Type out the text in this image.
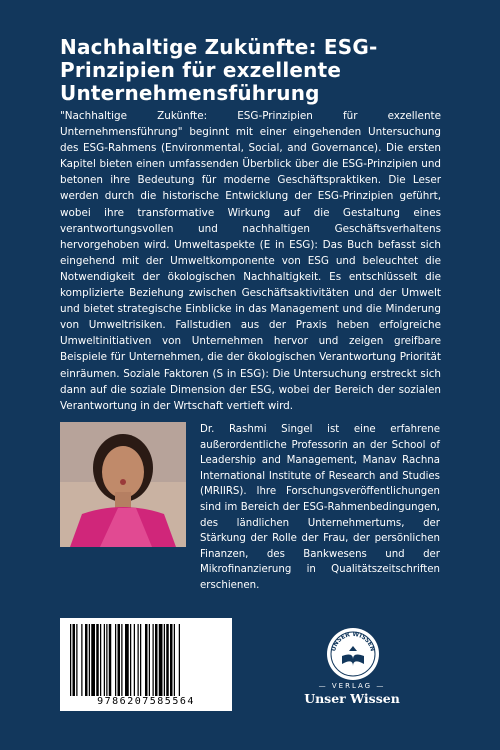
Nachhaltige Zukünfte: ESG-Prinzipien für exzellente Unternehmensführung

"Nachhaltige Zukünfte: ESG-Prinzipien für exzellente Unternehmensführung" beginnt mit einer eingehenden Untersuchung des ESG-Rahmens (Environmental, Social, and Governance). Die ersten Kapitel bieten einen umfassenden Überblick über die ESG-Prinzipien und betonen ihre Bedeutung für moderne Geschäftspraktiken. Die Leser werden durch die historische Entwicklung der ESG-Prinzipien geführt, wobei ihre transformative Wirkung auf die Gestaltung eines verantwortungsvollen und nachhaltigen Geschäftsverhaltens hervorgehoben wird. Umweltaspekte (E in ESG): Das Buch befasst sich eingehend mit der Umweltkomponente von ESG und beleuchtet die Notwendigkeit der ökologischen Nachhaltigkeit. Es entschlüsselt die komplizierte Beziehung zwischen Geschäftsaktivitäten und der Umwelt und bietet strategische Einblicke in das Management und die Minderung von Umweltrisiken. Fallstudien aus der Praxis heben erfolgreiche Umweltinitiativen von Unternehmen hervor und zeigen greifbare Beispiele für Unternehmen, die der ökologischen Verantwortung Priorität einräumen. Soziale Faktoren (S in ESG): Die Untersuchung erstreckt sich dann auf die soziale Dimension der ESG, wobei der Bereich der sozialen Verantwortung in der Wrtschaft vertieft wird.

Dr. Rashmi Singel ist eine erfahrene außerordentliche Professorin an der School of Leadership and Management, Manav Rachna International Institute of Research and Studies (MRIIRS). Ihre Forschungsveröffentlichungen sind im Bereich der ESG-Rahmenbedingungen, des ländlichen Unternehmertums, der Stärkung der Rolle der Frau, der persönlichen Finanzen, des Bankwesens und der Mikrofinanzierung in Qualitätszeitschriften erschienen.

9786207585564
UNSER WISSEN
— VERLAG —
Unser Wissen
